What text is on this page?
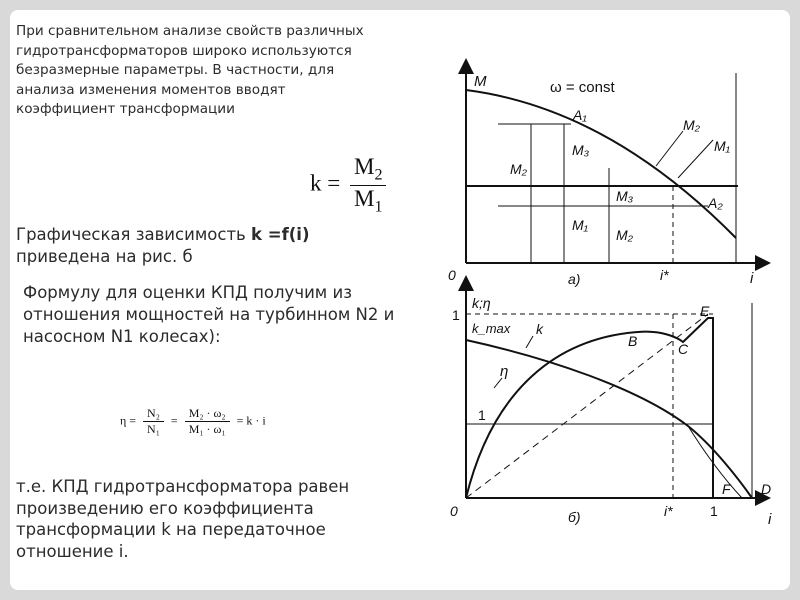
При сравнительном анализе свойств различных гидротрансформаторов широко используются безразмерные параметры. В частности, для анализа изменения моментов вводят коэффициент трансформации
$k = \frac{M_2}{M_1}$
Графическая зависимость k =f(i) приведена на рис. б
Формулу для оценки КПД получим из отношения мощностей на турбинном N2 и насосном N1 колесах):
$\eta = \frac{\text{N₂}}{\text{N₁}} = \frac{\text{M₂ · ω₂}}{\text{M₁ · ω₁}} = k \cdot i$
т.е. КПД гидротрансформатора равен произведению его коэффициента трансформации k на передаточное отношение i.
M	ω = const
0	i
i*
а)
A₁
A₂
M₂
M₁
M₂
M₃
M₁
M₃
M₂
k;η
1
k_max k
η
1
B	C
E
F D
0	i*	1	i
б)
